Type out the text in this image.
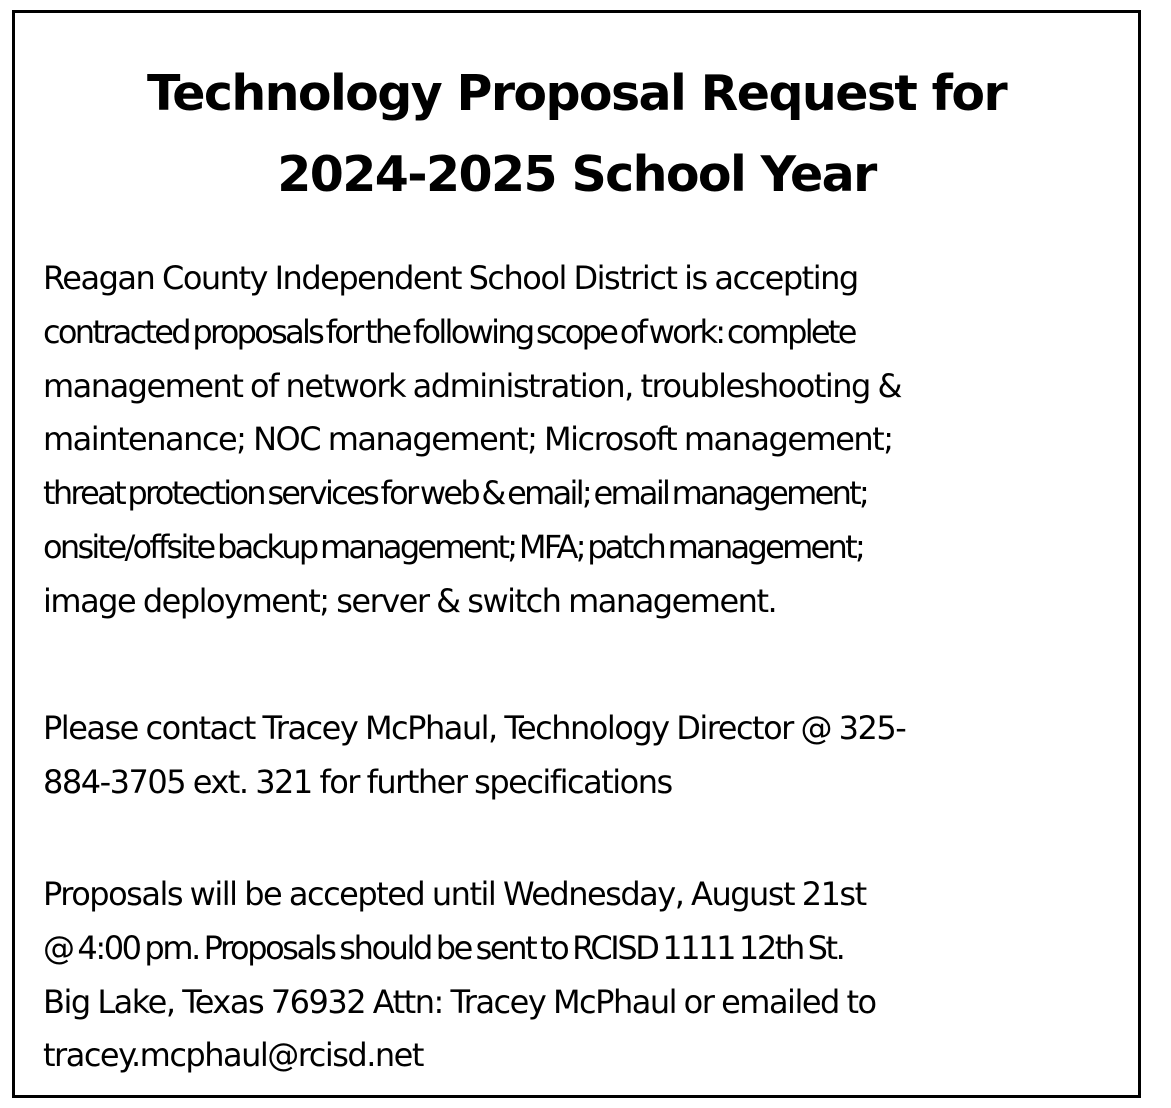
Technology Proposal Request for
2024-2025 School Year
Reagan County Independent School District is accepting
contracted proposals for the following scope of work: complete
management of network administration, troubleshooting &
maintenance; NOC management; Microsoft management;
threat protection services for web & email; email management;
onsite/offsite backup management; MFA; patch management;
image deployment; server & switch management.
Please contact Tracey McPhaul, Technology Director @ 325-
884-3705 ext. 321 for further specifications
Proposals will be accepted until Wednesday, August 21st
@ 4:00 pm. Proposals should be sent to RCISD 1111 12th St.
Big Lake, Texas 76932 Attn: Tracey McPhaul or emailed to
tracey.mcphaul@rcisd.net
